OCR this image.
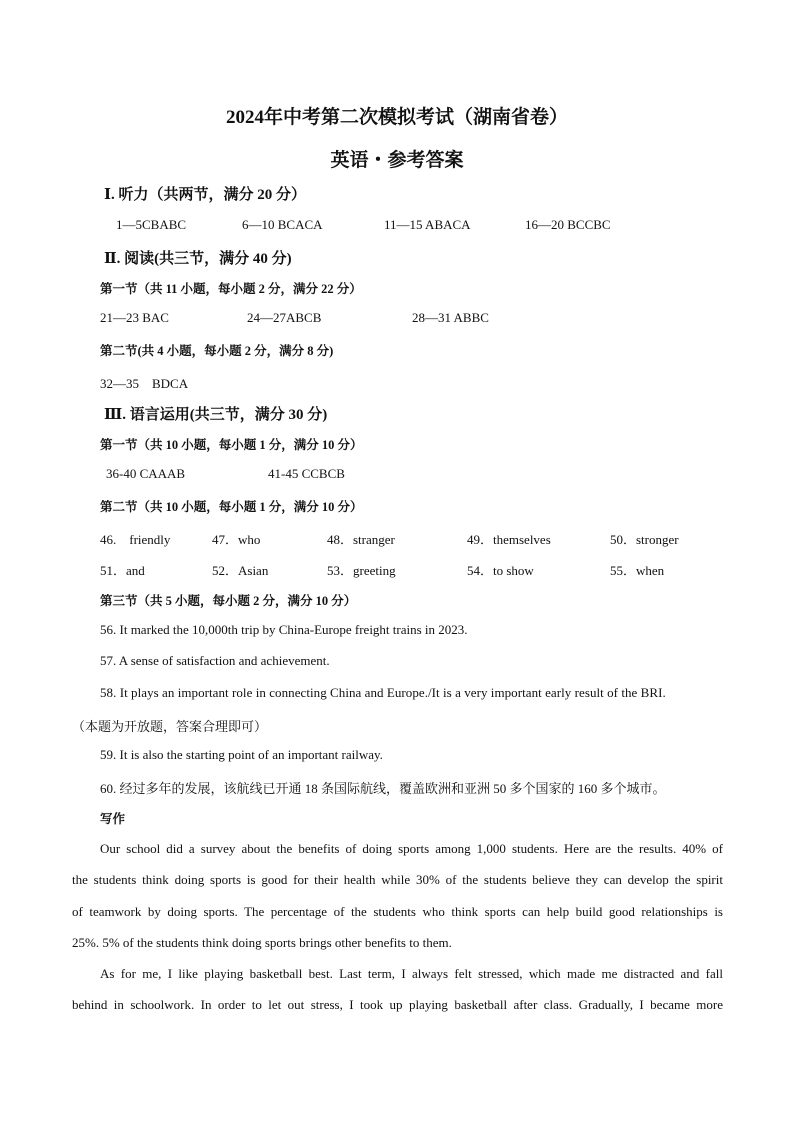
2024年中考第二次模拟考试（湖南省卷）
英语・参考答案
Ⅰ. 听力（共两节，满分 20 分）
1—5CBABC	6—10 BCACA	11—15 ABACA	16—20 BCCBC
Ⅱ. 阅读(共三节，满分 40 分)
第一节（共 11 小题，每小题 2 分，满分 22 分）
21—23 BAC	24—27ABCB	28—31 ABBC
第二节(共 4 小题，每小题 2 分，满分 8 分)
32—35　BDCA
Ⅲ. 语言运用(共三节，满分 30 分)
第一节（共 10 小题，每小题 1 分，满分 10 分）
36-40 CAAAB	41-45 CCBCB
第二节（共 10 小题，每小题 1 分，满分 10 分）
46.　friendly	47．who	48．stranger	49．themselves	50．stronger
51．and	52．Asian	53．greeting	54．to show	55．when
第三节（共 5 小题，每小题 2 分，满分 10 分）
56. It marked the 10,000th trip by China-Europe freight trains in 2023.
57. A sense of satisfaction and achievement.
58. It plays an important role in connecting China and Europe./It is a very important early result of the BRI.
（本题为开放题，答案合理即可）
59. It is also the starting point of an important railway.
60. 经过多年的发展，该航线已开通 18 条国际航线，覆盖欧洲和亚洲 50 多个国家的 160 多个城市。
写作
Our school did a survey about the benefits of doing sports among 1,000 students. Here are the results. 40% of
the students think doing sports is good for their health while 30% of the students believe they can develop the spirit
of teamwork by doing sports. The percentage of the students who think sports can help build good relationships is
25%. 5% of the students think doing sports brings other benefits to them.
As for me, I like playing basketball best. Last term, I always felt stressed, which made me distracted and fall
behind in schoolwork. In order to let out stress, I took up playing basketball after class. Gradually, I became more
